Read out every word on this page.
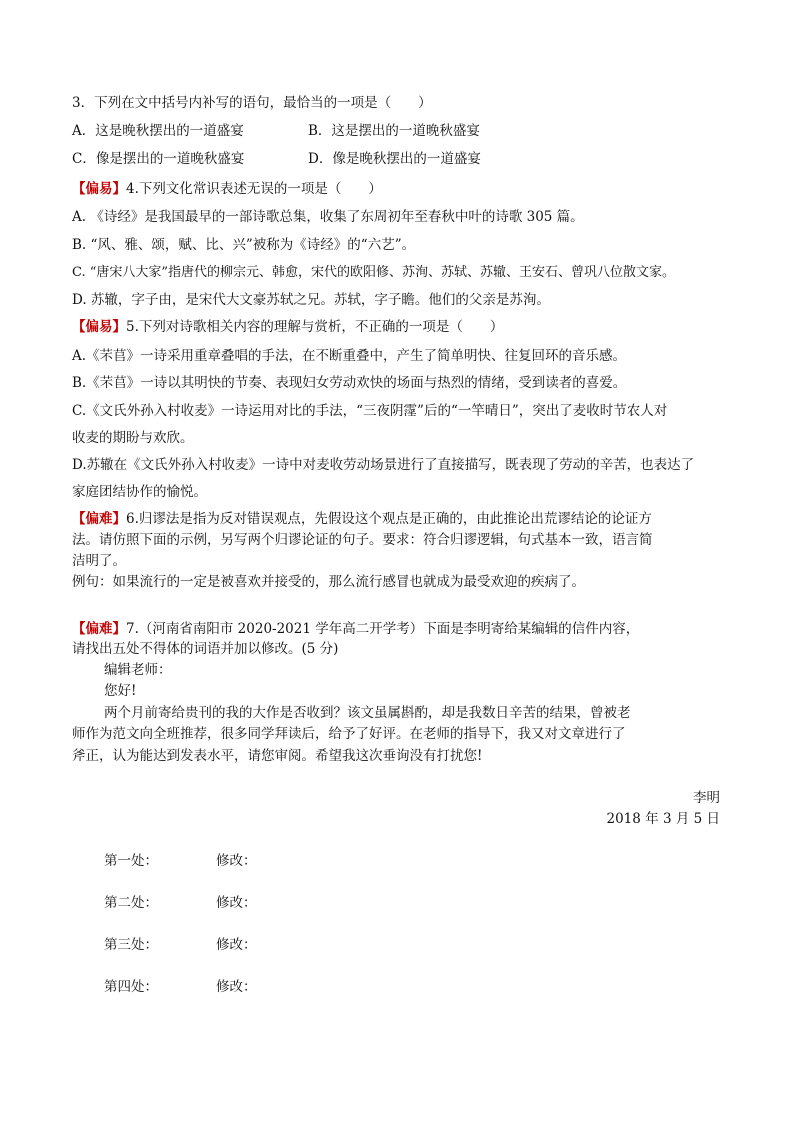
3．下列在文中括号内补写的语句，最恰当的一项是（　　）
A．这是晚秋摆出的一道盛宴	B．这是摆出的一道晚秋盛宴
C．像是摆出的一道晚秋盛宴	D．像是晚秋摆出的一道盛宴
【偏易】4.下列文化常识表述无误的一项是（　　）
A. 《诗经》是我国最早的一部诗歌总集，收集了东周初年至春秋中叶的诗歌 305 篇。
B. “风、雅、颂，赋、比、兴”被称为《诗经》的“六艺”。
C. “唐宋八大家”指唐代的柳宗元、韩愈，宋代的欧阳修、苏洵、苏轼、苏辙、王安石、曾巩八位散文家。
D. 苏辙，字子由，是宋代大文豪苏轼之兄。苏轼，字子瞻。他们的父亲是苏洵。
【偏易】5.下列对诗歌相关内容的理解与赏析，不正确的一项是（　　）
A.《芣苢》一诗采用重章叠唱的手法，在不断重叠中，产生了简单明快、往复回环的音乐感。
B.《芣苢》一诗以其明快的节奏、表现妇女劳动欢快的场面与热烈的情绪，受到读者的喜爱。
C.《文氏外孙入村收麦》一诗运用对比的手法，“三夜阴霪”后的“一竿晴日”，突出了麦收时节农人对
收麦的期盼与欢欣。
D.苏辙在《文氏外孙入村收麦》一诗中对麦收劳动场景进行了直接描写，既表现了劳动的辛苦，也表达了
家庭团结协作的愉悦。
【偏难】6.归谬法是指为反对错误观点，先假设这个观点是正确的，由此推论出荒谬结论的论证方
法。请仿照下面的示例，另写两个归谬论证的句子。要求：符合归谬逻辑，句式基本一致，语言简
洁明了。
例句：如果流行的一定是被喜欢并接受的，那么流行感冒也就成为最受欢迎的疾病了。
【偏难】7.（河南省南阳市 2020-2021 学年高二开学考）下面是李明寄给某编辑的信件内容，
请找出五处不得体的词语并加以修改。(5 分)
编辑老师：
您好!
两个月前寄给贵刊的我的大作是否收到？该文虽属斟酌，却是我数日辛苦的结果，曾被老
师作为范文向全班推荐，很多同学拜读后，给予了好评。在老师的指导下，我又对文章进行了
斧正，认为能达到发表水平，请您审阅。希望我这次垂询没有打扰您!
李明
2018 年 3 月 5 日
第一处：	修改：
第二处：	修改：
第三处：	修改：
第四处：	修改：
